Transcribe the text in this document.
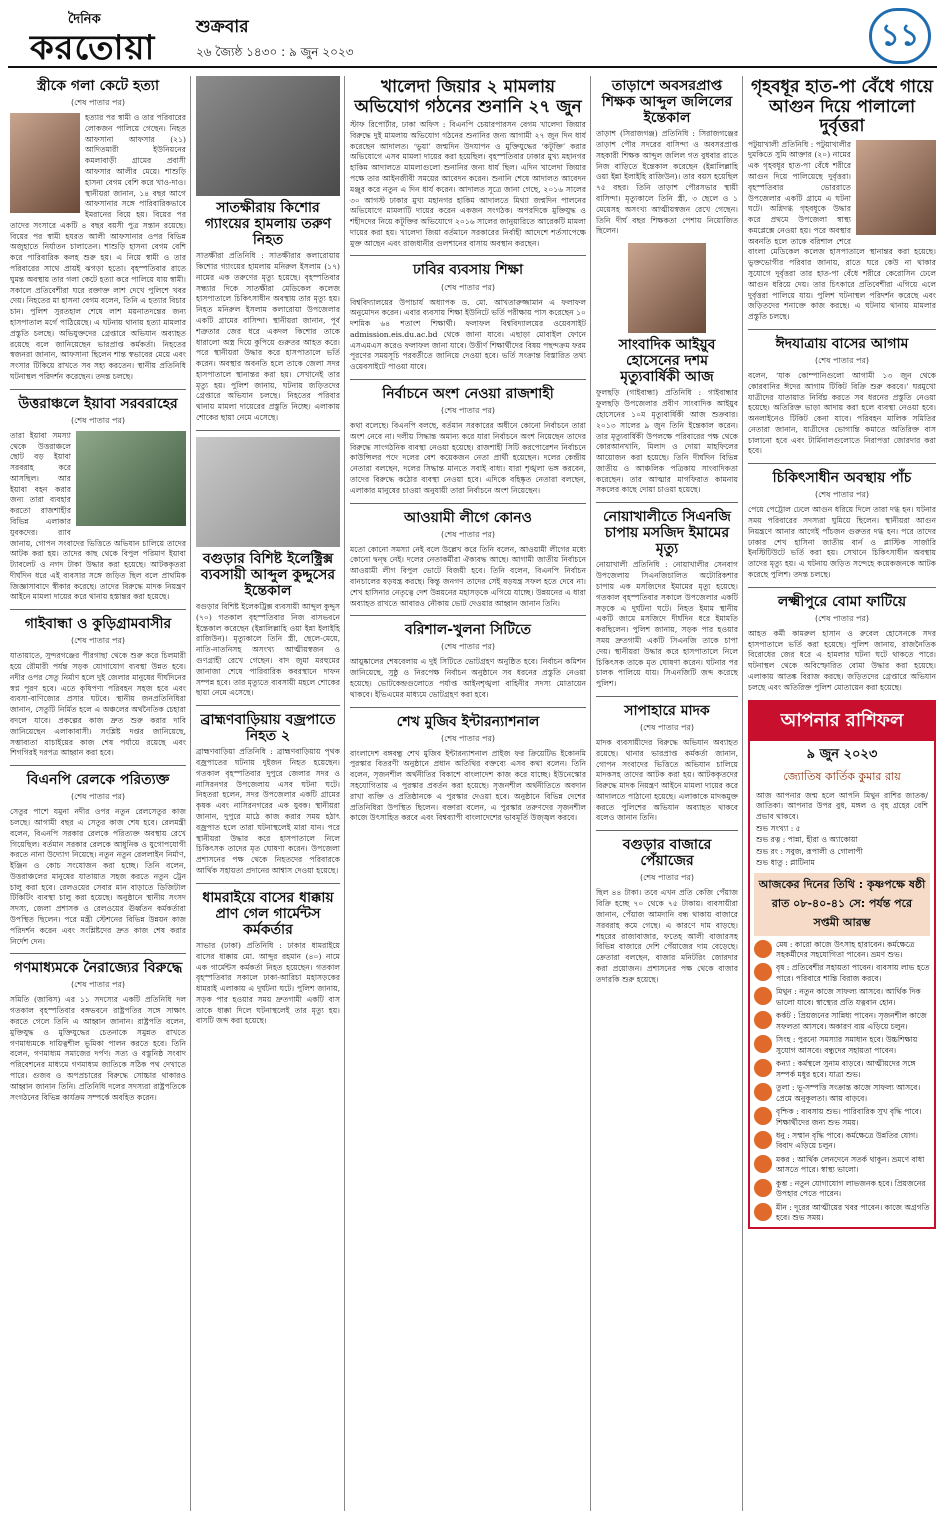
দৈনিক
করতোয়া
শুক্রবার
২৬ জ্যৈষ্ঠ ১৪৩০ : ৯ জুন ২০২৩	১১
স্ত্রীকে গলা কেটে হত্যা
(শেষ পাতার পর)
হত্যার পর স্বামী ও তার পরিবারের লোকজন পালিয়ে গেছেন। নিহত আফসানা আফসার (২১) আদিতমারী ইউনিয়নের কমলাবাড়ী গ্রামের প্রবাসী আফসার আলীর মেয়ে। শাশুড়ি হাসনা বেগম বেশি করে খাও-দাও। স্থানীয়রা জানান, ১৪ বছর আগে আফসানার সঙ্গে পারিবারিকভাবে ইমরানের বিয়ে হয়। বিয়ের পর তাদের সংসারে একটি ৪ বছর বয়সী পুত্র সন্তান রয়েছে। বিয়ের পর স্বামী হযরত আলী আফসানার ওপর বিভিন্ন অজুহাতে নির্যাতন চালাতেন। শাশুড়ি হাসনা বেগম বেশি করে পারিবারিক কলহ শুরু হয়। এ নিয়ে স্বামী ও তার পরিবারের সাথে প্রায়ই ঝগড়া হতো। বৃহস্পতিবার রাতে ঘুমন্ত অবস্থায় তার গলা কেটে হত্যা করে পালিয়ে যায় স্বামী। সকালে প্রতিবেশীরা ঘরে রক্তাক্ত লাশ দেখে পুলিশে খবর দেয়। নিহতের মা হাসনা বেগম বলেন, তিনি এ হত্যার বিচার চান। পুলিশ সুরতহাল শেষে লাশ ময়নাতদন্তের জন্য হাসপাতাল মর্গে পাঠিয়েছে। এ ঘটনায় থানায় হত্যা মামলার প্রস্তুতি চলছে। অভিযুক্তদের গ্রেপ্তারে অভিযান অব্যাহত রয়েছে বলে জানিয়েছেন ভারপ্রাপ্ত কর্মকর্তা। নিহতের স্বজনরা জানান, আফসানা ছিলেন শান্ত স্বভাবের মেয়ে এবং সংসার টিকিয়ে রাখতে সব সহ্য করতেন। স্থানীয় প্রতিনিধি ঘটনাস্থল পরিদর্শন করেছেন। তদন্ত চলছে।
উত্তরাঞ্চলে ইয়াবা সরবরাহের
(শেষ পাতার পর)
তারা ইয়াবা সমস্যা থেকে উত্তরাঞ্চলে ছোট বড় ইয়াবা সরবরাহ করে আসছিল। আর ইয়াবা বহন করার জন্য তারা ব্যবহার করতো রাজশাহীর বিভিন্ন এলাকার যুবকদের। র‌্যাব জানায়, গোপন সংবাদের ভিত্তিতে অভিযান চালিয়ে তাদের আটক করা হয়। তাদের কাছ থেকে বিপুল পরিমাণ ইয়াবা ট্যাবলেট ও নগদ টাকা উদ্ধার করা হয়েছে। আটককৃতরা দীর্ঘদিন ধরে এই ব্যবসার সঙ্গে জড়িত ছিল বলে প্রাথমিক জিজ্ঞাসাবাদে স্বীকার করেছে। তাদের বিরুদ্ধে মাদক নিয়ন্ত্রণ আইনে মামলা দায়ের করে থানায় হস্তান্তর করা হয়েছে।
গাইবান্ধা ও কুড়িগ্রামবাসীর
(শেষ পাতার পর)
যাতায়াতে, সুন্দরগঞ্জের পীরগাছা থেকে শুরু করে চিলমারী হয়ে রৌমারী পর্যন্ত সড়ক যোগাযোগ ব্যবস্থা উন্নত হবে। নদীর ওপর সেতু নির্মাণ হলে দুই জেলার মানুষের দীর্ঘদিনের স্বপ্ন পূরণ হবে। এতে কৃষিপণ্য পরিবহন সহজ হবে এবং ব্যবসা-বাণিজ্যের প্রসার ঘটবে। স্থানীয় জনপ্রতিনিধিরা জানান, সেতুটি নির্মিত হলে এ অঞ্চলের অর্থনৈতিক চেহারা বদলে যাবে। প্রকল্পের কাজ দ্রুত শুরু করার দাবি জানিয়েছেন এলাকাবাসী। সংশ্লিষ্ট দপ্তর জানিয়েছে, সম্ভাব্যতা যাচাইয়ের কাজ শেষ পর্যায়ে রয়েছে এবং শিগগিরই দরপত্র আহ্বান করা হবে।
বিএনপি রেলকে পরিত্যক্ত
(শেষ পাতার পর)
সেতুর পাশে যমুনা নদীর ওপর নতুন রেলসেতুর কাজ চলছে। আগামী বছর এ সেতুর কাজ শেষ হবে। রেলমন্ত্রী বলেন, বিএনপি সরকার রেলকে পরিত্যক্ত অবস্থায় রেখে গিয়েছিল। বর্তমান সরকার রেলকে আধুনিক ও যুগোপযোগী করতে নানা উদ্যোগ নিয়েছে। নতুন নতুন রেললাইন নির্মাণ, ইঞ্জিন ও কোচ সংযোজন করা হচ্ছে। তিনি বলেন, উত্তরাঞ্চলের মানুষের যাতায়াত সহজ করতে নতুন ট্রেন চালু করা হবে। রেলওয়ের সেবার মান বাড়াতে ডিজিটাল টিকিটিং ব্যবস্থা চালু করা হয়েছে। অনুষ্ঠানে স্থানীয় সংসদ সদস্য, জেলা প্রশাসক ও রেলওয়ের ঊর্ধ্বতন কর্মকর্তারা উপস্থিত ছিলেন। পরে মন্ত্রী স্টেশনের বিভিন্ন উন্নয়ন কাজ পরিদর্শন করেন এবং সংশ্লিষ্টদের দ্রুত কাজ শেষ করার নির্দেশ দেন।
গণমাধ্যমকে নৈরাজ্যের বিরুদ্ধে
(শেষ পাতার পর)
সমিতি (জাবিস) এর ১১ সদস্যের একটি প্রতিনিধি দল গতকাল বৃহস্পতিবার বঙ্গভবনে রাষ্ট্রপতির সঙ্গে সাক্ষাৎ করতে গেলে তিনি এ আহ্বান জানান। রাষ্ট্রপতি বলেন, মুক্তিযুদ্ধ ও মুক্তিযুদ্ধের চেতনাকে সমুন্নত রাখতে গণমাধ্যমকে দায়িত্বশীল ভূমিকা পালন করতে হবে। তিনি বলেন, গণমাধ্যম সমাজের দর্পণ। সত্য ও বস্তুনিষ্ঠ সংবাদ পরিবেশনের মাধ্যমে গণমাধ্যম জাতিকে সঠিক পথ দেখাতে পারে। গুজব ও অপপ্রচারের বিরুদ্ধে সোচ্চার থাকারও আহ্বান জানান তিনি। প্রতিনিধি দলের সদস্যরা রাষ্ট্রপতিকে সংগঠনের বিভিন্ন কার্যক্রম সম্পর্কে অবহিত করেন।
সাতক্ষীরায় কিশোর গ্যাংয়ের হামলায় তরুণ নিহত
সাতক্ষীরা প্রতিনিধি : সাতক্ষীরার কলারোয়ায় কিশোর গ্যাংয়ের হামলায় মনিরুল ইসলাম (১৭) নামের এক তরুণের মৃত্যু হয়েছে। বৃহস্পতিবার সন্ধ্যার দিকে সাতক্ষীরা মেডিকেল কলেজ হাসপাতালে চিকিৎসাধীন অবস্থায় তার মৃত্যু হয়। নিহত মনিরুল ইসলাম কলারোয়া উপজেলার একটি গ্রামের বাসিন্দা। স্থানীয়রা জানান, পূর্ব শত্রুতার জের ধরে একদল কিশোর তাকে ধারালো অস্ত্র দিয়ে কুপিয়ে গুরুতর আহত করে। পরে স্থানীয়রা উদ্ধার করে হাসপাতালে ভর্তি করেন। অবস্থার অবনতি হলে তাকে জেলা সদর হাসপাতালে স্থানান্তর করা হয়। সেখানেই তার মৃত্যু হয়। পুলিশ জানায়, ঘটনায় জড়িতদের গ্রেপ্তারে অভিযান চলছে। নিহতের পরিবার থানায় মামলা দায়েরের প্রস্তুতি নিচ্ছে। এলাকায় শোকের ছায়া নেমে এসেছে।
বগুড়ার বিশিষ্ট ইলেক্ট্রিক্স ব্যবসায়ী আব্দুল কুদ্দুসের ইন্তেকাল
বগুড়ার বিশিষ্ট ইলেকট্রিক্স ব্যবসায়ী আব্দুল কুদ্দুস (৭০) গতকাল বৃহস্পতিবার নিজ বাসভবনে ইন্তেকাল করেছেন (ইন্নালিল্লাহি ওয়া ইন্না ইলাইহি রাজিউন)। মৃত্যুকালে তিনি স্ত্রী, ছেলে-মেয়ে, নাতি-নাতনিসহ অসংখ্য আত্মীয়স্বজন ও গুণগ্রাহী রেখে গেছেন। বাদ জুমা মরহুমের জানাজা শেষে পারিবারিক কবরস্থানে দাফন সম্পন্ন হবে। তার মৃত্যুতে ব্যবসায়ী মহলে শোকের ছায়া নেমে এসেছে।
ব্রাহ্মণবাড়িয়ায় বজ্রপাতে নিহত ২
ব্রাহ্মণবাড়িয়া প্রতিনিধি : ব্রাহ্মণবাড়িয়ায় পৃথক বজ্রপাতের ঘটনায় দুইজন নিহত হয়েছেন। গতকাল বৃহস্পতিবার দুপুরে জেলার সদর ও নাসিরনগর উপজেলায় এসব ঘটনা ঘটে। নিহতরা হলেন, সদর উপজেলার একটি গ্রামের কৃষক এবং নাসিরনগরের এক যুবক। স্থানীয়রা জানান, দুপুরে মাঠে কাজ করার সময় হঠাৎ বজ্রপাত হলে তারা ঘটনাস্থলেই মারা যান। পরে স্থানীয়রা উদ্ধার করে হাসপাতালে নিলে চিকিৎসক তাদের মৃত ঘোষণা করেন। উপজেলা প্রশাসনের পক্ষ থেকে নিহতদের পরিবারকে আর্থিক সহায়তা প্রদানের আশ্বাস দেওয়া হয়েছে।
ধামরাইয়ে বাসের ধাক্কায় প্রাণ গেল গার্মেন্টস কর্মকর্তার
সাভার (ঢাকা) প্রতিনিধি : ঢাকার ধামরাইয়ে বাসের ধাক্কায় মো. আব্দুর রহমান (৪০) নামে এক গার্মেন্টস কর্মকর্তা নিহত হয়েছেন। গতকাল বৃহস্পতিবার সকালে ঢাকা-আরিচা মহাসড়কের ধামরাই এলাকায় এ দুর্ঘটনা ঘটে। পুলিশ জানায়, সড়ক পার হওয়ার সময় দ্রুতগামী একটি বাস তাকে ধাক্কা দিলে ঘটনাস্থলেই তার মৃত্যু হয়। বাসটি জব্দ করা হয়েছে।
খালেদা জিয়ার ২ মামলায় অভিযোগ গঠনের শুনানি ২৭ জুন
স্টাফ রিপোর্টার, ঢাকা অফিস : বিএনপি চেয়ারপারসন বেগম খালেদা জিয়ার বিরুদ্ধে দুই মামলায় অভিযোগ গঠনের শুনানির জন্য আগামী ২৭ জুন দিন ধার্য করেছেন আদালত। ‘ভুয়া’ জন্মদিন উদযাপন ও মুক্তিযুদ্ধের ‘কটূক্তি’ করার অভিযোগে এসব মামলা দায়ের করা হয়েছিল। বৃহস্পতিবার ঢাকার মুখ্য মহানগর হাকিম আদালতে মামলাগুলো শুনানির জন্য ধার্য ছিল। এদিন খালেদা জিয়ার পক্ষে তার আইনজীবী সময়ের আবেদন করেন। শুনানি শেষে আদালত আবেদন মঞ্জুর করে নতুন এ দিন ধার্য করেন। আদালত সূত্রে জানা গেছে, ২০১৬ সালের ৩০ আগস্ট ঢাকার মুখ্য মহানগর হাকিম আদালতে মিথ্যা জন্মদিন পালনের অভিযোগে মামলাটি দায়ের করেন একজন সংগঠক। অপরদিকে মুক্তিযুদ্ধ ও শহীদদের নিয়ে কটূক্তির অভিযোগে ২০১৬ সালের জানুয়ারিতে আরেকটি মামলা দায়ের করা হয়। খালেদা জিয়া বর্তমানে সরকারের নির্বাহী আদেশে শর্তসাপেক্ষে মুক্ত আছেন এবং রাজধানীর গুলশানের বাসায় অবস্থান করছেন।
ঢাবির ব্যবসায় শিক্ষা
(শেষ পাতার পর)
বিশ্ববিদ্যালয়ের উপাচার্য অধ্যাপক ড. মো. আখতারুজ্জামান এ ফলাফল অনুমোদন করেন। এবার ব্যবসায় শিক্ষা ইউনিটে ভর্তি পরীক্ষায় পাস করেছেন ১০ দশমিক ৬৪ শতাংশ শিক্ষার্থী। ফলাফল বিশ্ববিদ্যালয়ের ওয়েবসাইট admission.eis.du.ac.bd থেকে জানা যাবে। এছাড়া মোবাইল ফোনে এসএমএস করেও ফলাফল জানা যাবে। উত্তীর্ণ শিক্ষার্থীদের বিষয় পছন্দক্রম ফরম পূরণের সময়সূচি পরবর্তীতে জানিয়ে দেওয়া হবে। ভর্তি সংক্রান্ত বিস্তারিত তথ্য ওয়েবসাইটে পাওয়া যাবে।
নির্বাচনে অংশ নেওয়া রাজশাহী
(শেষ পাতার পর)
কথা বলেছে। বিএনপি বলছে, বর্তমান সরকারের অধীনে কোনো নির্বাচনে তারা অংশ নেবে না। দলীয় সিদ্ধান্ত অমান্য করে যারা নির্বাচনে অংশ নিয়েছেন তাদের বিরুদ্ধে সাংগঠনিক ব্যবস্থা নেওয়া হয়েছে। রাজশাহী সিটি করপোরেশন নির্বাচনে কাউন্সিলর পদে দলের বেশ কয়েকজন নেতা প্রার্থী হয়েছেন। দলের কেন্দ্রীয় নেতারা বলছেন, দলের সিদ্ধান্ত মানতে সবাই বাধ্য। যারা শৃঙ্খলা ভঙ্গ করবেন, তাদের বিরুদ্ধে কঠোর ব্যবস্থা নেওয়া হবে। এদিকে বহিষ্কৃত নেতারা বলছেন, এলাকার মানুষের চাওয়া অনুযায়ী তারা নির্বাচনে অংশ নিয়েছেন।
আওয়ামী লীগে কোনও
(শেষ পাতার পর)
মতো কোনো সমস্যা নেই বলে উল্লেখ করে তিনি বলেন, আওয়ামী লীগের মধ্যে কোনো দ্বন্দ্ব নেই। দলের নেতাকর্মীরা ঐক্যবদ্ধ আছে। আগামী জাতীয় নির্বাচনে আওয়ামী লীগ বিপুল ভোটে বিজয়ী হবে। তিনি বলেন, বিএনপি নির্বাচন বানচালের ষড়যন্ত্র করছে। কিন্তু জনগণ তাদের সেই ষড়যন্ত্র সফল হতে দেবে না। শেখ হাসিনার নেতৃত্বে দেশ উন্নয়নের মহাসড়কে এগিয়ে যাচ্ছে। উন্নয়নের এ ধারা অব্যাহত রাখতে আবারও নৌকায় ভোট দেওয়ার আহ্বান জানান তিনি।
বরিশাল-খুলনা সিটিতে
(শেষ পাতার পর)
আয়ুষ্কালের শেষবেলায় এ দুই সিটিতে ভোটগ্রহণ অনুষ্ঠিত হবে। নির্বাচন কমিশন জানিয়েছে, সুষ্ঠু ও নিরপেক্ষ নির্বাচন অনুষ্ঠানে সব ধরনের প্রস্তুতি নেওয়া হয়েছে। ভোটকেন্দ্রগুলোতে পর্যাপ্ত আইনশৃঙ্খলা বাহিনীর সদস্য মোতায়েন থাকবে। ইভিএমের মাধ্যমে ভোটগ্রহণ করা হবে।
শেখ মুজিব ইন্টারন্যাশনাল
(শেষ পাতার পর)
বাংলাদেশ বঙ্গবন্ধু শেখ মুজিব ইন্টারন্যাশনাল প্রাইজ ফর ক্রিয়েটিভ ইকোনমি পুরস্কার বিতরণী অনুষ্ঠানে প্রধান অতিথির বক্তব্যে এসব কথা বলেন। তিনি বলেন, সৃজনশীল অর্থনীতির বিকাশে বাংলাদেশ কাজ করে যাচ্ছে। ইউনেস্কোর সহযোগিতায় এ পুরস্কার প্রবর্তন করা হয়েছে। সৃজনশীল অর্থনীতিতে অবদান রাখা ব্যক্তি ও প্রতিষ্ঠানকে এ পুরস্কার দেওয়া হবে। অনুষ্ঠানে বিভিন্ন দেশের প্রতিনিধিরা উপস্থিত ছিলেন। বক্তারা বলেন, এ পুরস্কার তরুণদের সৃজনশীল কাজে উৎসাহিত করবে এবং বিশ্বব্যাপী বাংলাদেশের ভাবমূর্তি উজ্জ্বল করবে।
তাড়াশে অবসরপ্রাপ্ত শিক্ষক আব্দুল জলিলের ইন্তেকাল
তাড়াশ (সিরাজগঞ্জ) প্রতিনিধি : সিরাজগঞ্জের তাড়াশ পৌর সদরের বাসিন্দা ও অবসরপ্রাপ্ত সহকারী শিক্ষক আব্দুল জলিল গত বুধবার রাতে নিজ বাড়িতে ইন্তেকাল করেছেন (ইন্নালিল্লাহি ওয়া ইন্না ইলাইহি রাজিউন)। তার বয়স হয়েছিল ৭৫ বছর। তিনি তাড়াশ পৌরসভার স্থায়ী বাসিন্দা। মৃত্যুকালে তিনি স্ত্রী, ৩ ছেলে ও ১ মেয়েসহ অসংখ্য আত্মীয়স্বজন রেখে গেছেন। তিনি দীর্ঘ বছর শিক্ষকতা পেশায় নিয়োজিত ছিলেন।
সাংবাদিক আইয়ুব হোসেনের দশম মৃত্যুবার্ষিকী আজ
ফুলছড়ি (গাইবান্ধা) প্রতিনিধি : গাইবান্ধার ফুলছড়ি উপজেলার প্রবীণ সাংবাদিক আইয়ুব হোসেনের ১০ম মৃত্যুবার্ষিকী আজ শুক্রবার। ২০১৩ সালের ৯ জুন তিনি ইন্তেকাল করেন। তার মৃত্যুবার্ষিকী উপলক্ষে পরিবারের পক্ষ থেকে কোরআনখানি, মিলাদ ও দোয়া মাহফিলের আয়োজন করা হয়েছে। তিনি দীর্ঘদিন বিভিন্ন জাতীয় ও আঞ্চলিক পত্রিকায় সাংবাদিকতা করেছেন। তার আত্মার মাগফিরাত কামনায় সকলের কাছে দোয়া চাওয়া হয়েছে।
নোয়াখালীতে সিএনজি চাপায় মসজিদ ইমামের মৃত্যু
নোয়াখালী প্রতিনিধি : নোয়াখালীর সেনবাগ উপজেলায় সিএনজিচালিত অটোরিকশার চাপায় এক মসজিদের ইমামের মৃত্যু হয়েছে। গতকাল বৃহস্পতিবার সকালে উপজেলার একটি সড়কে এ দুর্ঘটনা ঘটে। নিহত ইমাম স্থানীয় একটি জামে মসজিদে দীর্ঘদিন ধরে ইমামতি করছিলেন। পুলিশ জানায়, সড়ক পার হওয়ার সময় দ্রুতগামী একটি সিএনজি তাকে চাপা দেয়। স্থানীয়রা উদ্ধার করে হাসপাতালে নিলে চিকিৎসক তাকে মৃত ঘোষণা করেন। ঘটনার পর চালক পালিয়ে যায়। সিএনজিটি জব্দ করেছে পুলিশ।
সাপাহারে মাদক
(শেষ পাতার পর)
মাদক ব্যবসায়ীদের বিরুদ্ধে অভিযান অব্যাহত রয়েছে। থানার ভারপ্রাপ্ত কর্মকর্তা জানান, গোপন সংবাদের ভিত্তিতে অভিযান চালিয়ে মাদকসহ তাদের আটক করা হয়। আটককৃতদের বিরুদ্ধে মাদক নিয়ন্ত্রণ আইনে মামলা দায়ের করে আদালতে পাঠানো হয়েছে। এলাকাকে মাদকমুক্ত করতে পুলিশের অভিযান অব্যাহত থাকবে বলেও জানান তিনি।
বগুড়ার বাজারে পেঁয়াজের
(শেষ পাতার পর)
ছিল ৪৪ টাকা। তবে এখন প্রতি কেজি পেঁয়াজ বিক্রি হচ্ছে ৭০ থেকে ৭৫ টাকায়। ব্যবসায়ীরা জানান, পেঁয়াজ আমদানি বন্ধ থাকায় বাজারে সরবরাহ কমে গেছে। এ কারণে দাম বাড়ছে। শহরের রাজাবাজার, ফতেহ আলী বাজারসহ বিভিন্ন বাজারে দেশি পেঁয়াজের দাম বেড়েছে। ক্রেতারা বলছেন, বাজার মনিটরিং জোরদার করা প্রয়োজন। প্রশাসনের পক্ষ থেকে বাজার তদারকি শুরু হয়েছে।
গৃহবধূর হাত-পা বেঁধে গায়ে আগুন দিয়ে পালালো দুর্বৃত্তরা
পটুয়াখালী প্রতিনিধি : পটুয়াখালীর দুমকিতে সুমি আক্তার (২০) নামের এক গৃহবধূর হাত-পা বেঁধে শরীরে আগুন দিয়ে পালিয়েছে দুর্বৃত্তরা। বৃহস্পতিবার ভোররাতে উপজেলার একটি গ্রামে এ ঘটনা ঘটে। অগ্নিদগ্ধ গৃহবধূকে উদ্ধার করে প্রথমে উপজেলা স্বাস্থ্য কমপ্লেক্সে নেওয়া হয়। পরে অবস্থার অবনতি হলে তাকে বরিশাল শেরে বাংলা মেডিকেল কলেজ হাসপাতালে স্থানান্তর করা হয়েছে। ভুক্তভোগীর পরিবার জানায়, রাতে ঘরে কেউ না থাকার সুযোগে দুর্বৃত্তরা তার হাত-পা বেঁধে শরীরে কেরোসিন ঢেলে আগুন ধরিয়ে দেয়। তার চিৎকারে প্রতিবেশীরা এগিয়ে এলে দুর্বৃত্তরা পালিয়ে যায়। পুলিশ ঘটনাস্থল পরিদর্শন করেছে এবং জড়িতদের শনাক্তে কাজ করছে। এ ঘটনায় থানায় মামলার প্রস্তুতি চলছে।
ঈদযাত্রায় বাসের আগাম
(শেষ পাতার পর)
বলেন, ‘যাক কোম্পানিগুলো আগামী ১৩ জুন থেকে কোরবানির ঈদের আগাম টিকিট বিক্রি শুরু করবে।’ ঘরমুখো যাত্রীদের যাতায়াত নির্বিঘ্ন করতে সব ধরনের প্রস্তুতি নেওয়া হয়েছে। অতিরিক্ত ভাড়া আদায় করা হলে ব্যবস্থা নেওয়া হবে। অনলাইনেও টিকিট কেনা যাবে। পরিবহন মালিক সমিতির নেতারা জানান, যাত্রীদের ভোগান্তি কমাতে অতিরিক্ত বাস চালানো হবে এবং টার্মিনালগুলোতে নিরাপত্তা জোরদার করা হবে।
চিকিৎসাধীন অবস্থায় পাঁচ
(শেষ পাতার পর)
পেয়ে পেট্রোল ঢেলে আগুন ধরিয়ে দিলে তারা দগ্ধ হন। ঘটনার সময় পরিবারের সদস্যরা ঘুমিয়ে ছিলেন। স্থানীয়রা আগুন নিয়ন্ত্রণে আনার আগেই পাঁচজন গুরুতর দগ্ধ হন। পরে তাদের ঢাকার শেখ হাসিনা জাতীয় বার্ন ও প্লাস্টিক সার্জারি ইনস্টিটিউটে ভর্তি করা হয়। সেখানে চিকিৎসাধীন অবস্থায় তাদের মৃত্যু হয়। এ ঘটনায় জড়িত সন্দেহে কয়েকজনকে আটক করেছে পুলিশ। তদন্ত চলছে।
লক্ষ্মীপুরে বোমা ফাটিয়ে
(শেষ পাতার পর)
আহত কর্মী কামরুল হাসান ও রুবেল হোসেনকে সদর হাসপাতালে ভর্তি করা হয়েছে। পুলিশ জানায়, রাজনৈতিক বিরোধের জের ধরে এ হামলার ঘটনা ঘটে থাকতে পারে। ঘটনাস্থল থেকে অবিস্ফোরিত বোমা উদ্ধার করা হয়েছে। এলাকায় আতঙ্ক বিরাজ করছে। জড়িতদের গ্রেপ্তারে অভিযান চলছে এবং অতিরিক্ত পুলিশ মোতায়েন করা হয়েছে।
আপনার রাশিফল
৯ জুন ২০২৩
জ্যোতিষ কার্তিক কুমার রায়
আজ আপনার জন্ম হলে আপনি মিথুন রাশির জাতক/জাতিকা। আপনার উপর বুধ, মঙ্গল ও বৃহ গ্রহের বেশি প্রভাব থাকবে।
শুভ সংখ্যা : ৫
শুভ রত্ন : পান্না, হীরা ও অ্যাকোয়া
শুভ রং : সবুজ, রূপালী ও গোলাপী
শুভ ধাতু : প্লাটিনাম
আজকের দিনের তিথি : কৃষ্ণপক্ষে ষষ্ঠী রাত ০৮-৪০-৪১ সে: পর্যন্ত পরে সপ্তমী আরম্ভ
মেষ : কারো কাজে উৎসাহ হারাবেন। কর্মক্ষেত্রে সহকর্মীদের সহযোগিতা পাবেন। ভ্রমণ শুভ।
বৃষ : প্রতিবেশীর সহায়তা পাবেন। ব্যবসায় লাভ হতে পারে। পরিবারে শান্তি বিরাজ করবে।
মিথুন : নতুন কাজে সাফল্য আসবে। আর্থিক দিক ভালো যাবে। স্বাস্থ্যের প্রতি যত্নবান হোন।
কর্কট : প্রিয়জনের সান্নিধ্য পাবেন। সৃজনশীল কাজে সফলতা আসবে। অকারণ ব্যয় এড়িয়ে চলুন।
সিংহ : পুরনো সমস্যার সমাধান হবে। উচ্চশিক্ষায় সুযোগ আসবে। বন্ধুদের সহায়তা পাবেন।
কন্যা : কর্মস্থলে সুনাম বাড়বে। আত্মীয়দের সঙ্গে সম্পর্ক মধুর হবে। যাত্রা শুভ।
তুলা : ভূ-সম্পত্তি সংক্রান্ত কাজে সাফল্য আসবে। প্রেমে অনুকূলতা। আয় বাড়বে।
বৃশ্চিক : ব্যবসায় শুভ। পারিবারিক সুখ বৃদ্ধি পাবে। শিক্ষার্থীদের জন্য শুভ সময়।
ধনু : সম্মান বৃদ্ধি পাবে। কর্মক্ষেত্রে উন্নতির যোগ। বিবাদ এড়িয়ে চলুন।
মকর : আর্থিক লেনদেনে সতর্ক থাকুন। ভ্রমণে বাধা আসতে পারে। স্বাস্থ্য ভালো।
কুম্ভ : নতুন যোগাযোগ লাভজনক হবে। প্রিয়জনের উপহার পেতে পারেন।
মীন : দূরের আত্মীয়ের খবর পাবেন। কাজে অগ্রগতি হবে। শুভ সময়।
